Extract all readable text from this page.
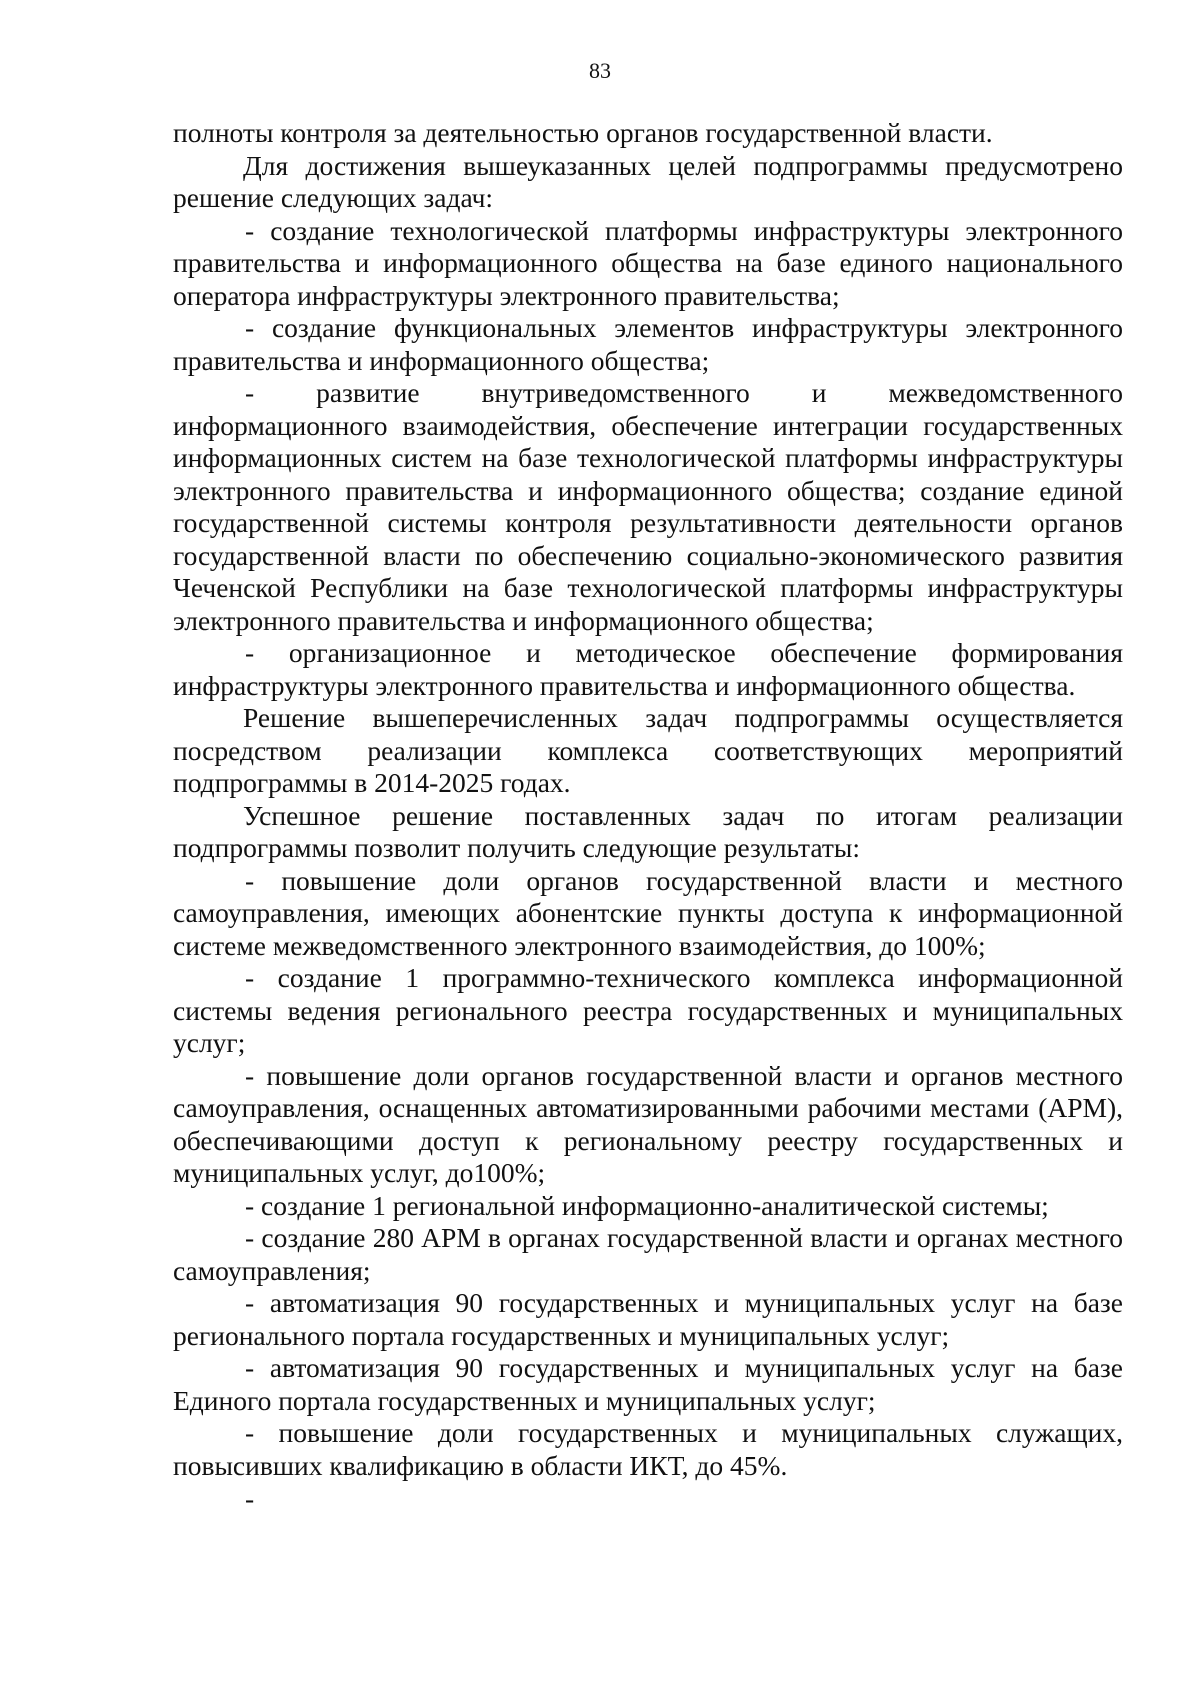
83

полноты контроля за деятельностью органов государственной власти.

Для достижения вышеуказанных целей подпрограммы предусмотрено решение следующих задач:

- создание технологической платформы инфраструктуры электронного правительства и информационного общества на базе единого национального оператора инфраструктуры электронного правительства;

- создание функциональных элементов инфраструктуры электронного правительства и информационного общества;

- развитие внутриведомственного и межведомственного информационного взаимодействия, обеспечение интеграции государственных информационных систем на базе технологической платформы инфраструктуры электронного правительства и информационного общества; создание единой государственной системы контроля результативности деятельности органов государственной власти по обеспечению социально-экономического развития Чеченской Республики на базе технологической платформы инфраструктуры электронного правительства и информационного общества;

- организационное и методическое обеспечение формирования инфраструктуры электронного правительства и информационного общества.

Решение вышеперечисленных задач подпрограммы осуществляется посредством реализации комплекса соответствующих мероприятий подпрограммы в 2014-2025 годах.

Успешное решение поставленных задач по итогам реализации подпрограммы позволит получить следующие результаты:

- повышение доли органов государственной власти и местного самоуправления, имеющих абонентские пункты доступа к информационной системе межведомственного электронного взаимодействия, до 100%;

- создание 1 программно-технического комплекса информационной системы ведения регионального реестра государственных и муниципальных услуг;

- повышение доли органов государственной власти и органов местного самоуправления, оснащенных автоматизированными рабочими местами (АРМ), обеспечивающими доступ к региональному реестру государственных и муниципальных услуг, до100%;

- создание 1 региональной информационно-аналитической системы;

- создание 280 АРМ в органах государственной власти и органах местного самоуправления;

- автоматизация 90 государственных и муниципальных услуг на базе регионального портала государственных и муниципальных услуг;

- автоматизация 90 государственных и муниципальных услуг на базе Единого портала государственных и муниципальных услуг;

- повышение доли государственных и муниципальных служащих, повысивших квалификацию в области ИКТ, до 45%.

-
